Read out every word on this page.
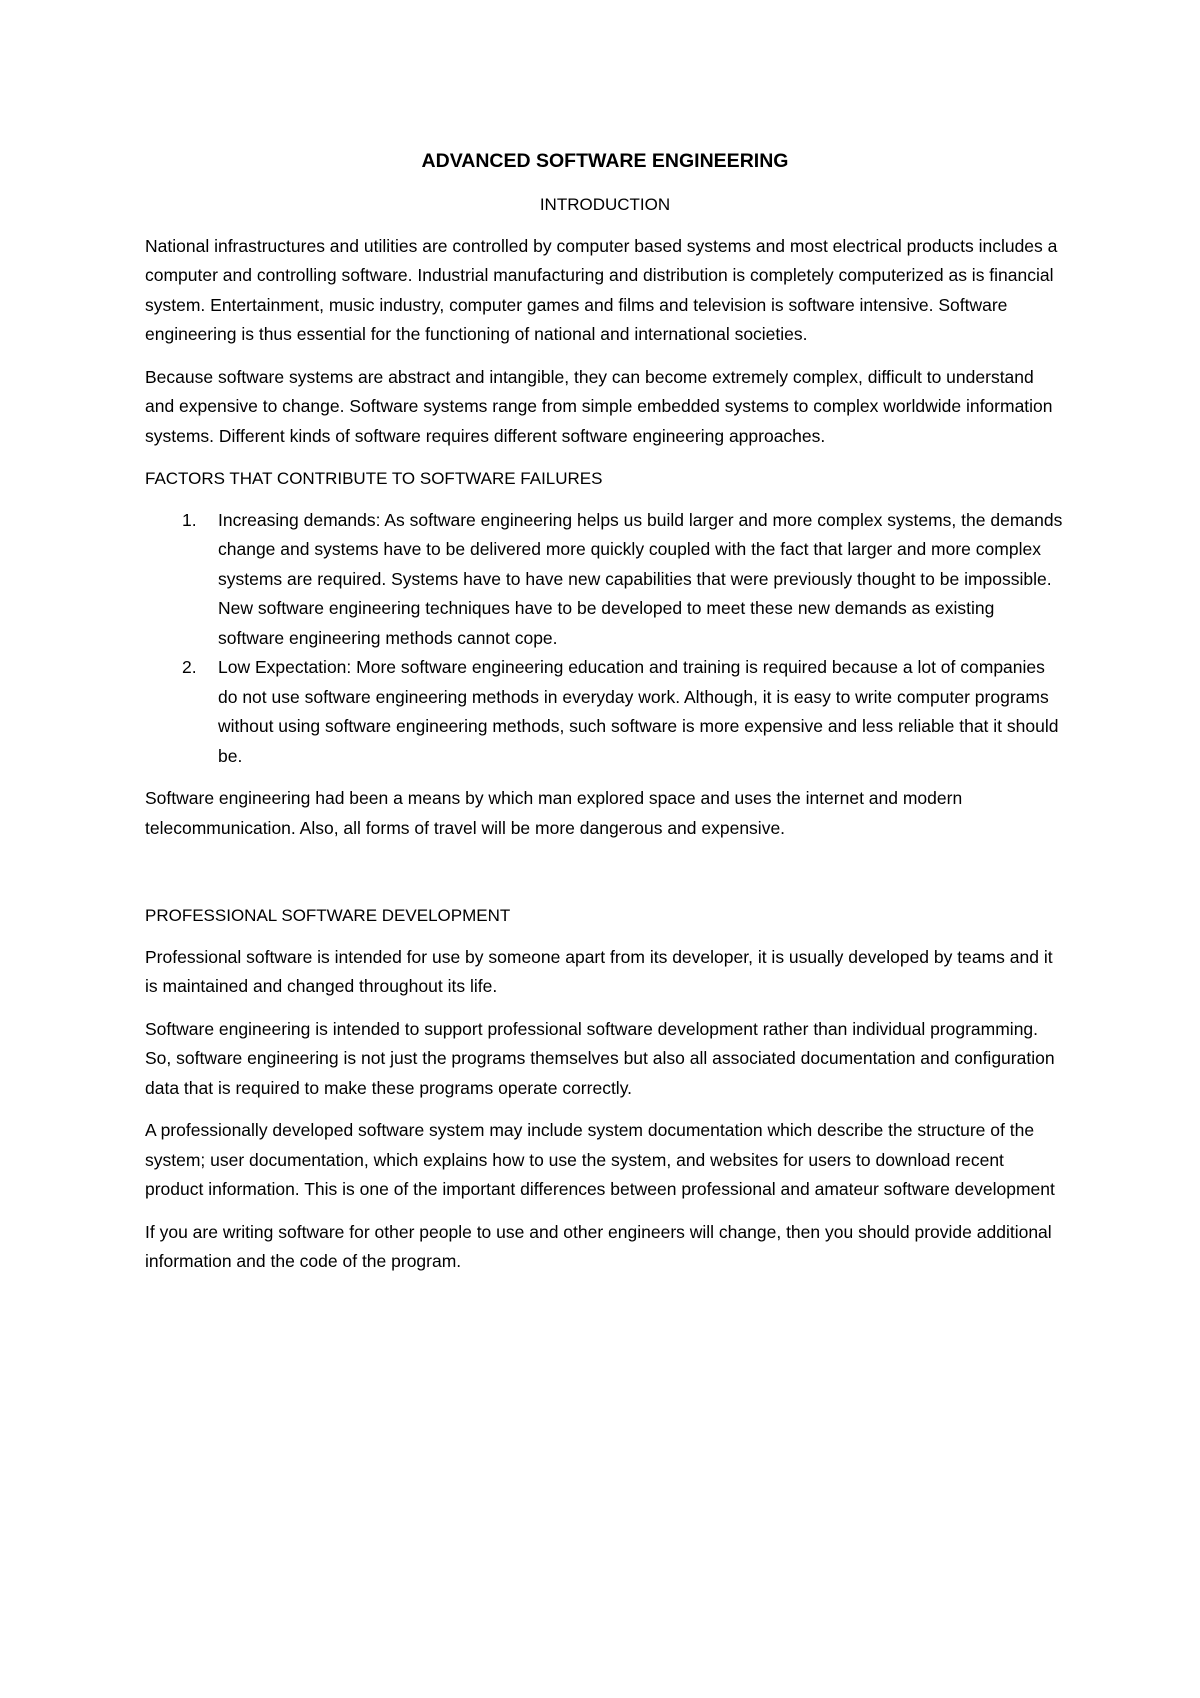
ADVANCED SOFTWARE ENGINEERING
INTRODUCTION

National infrastructures and utilities are controlled by computer based systems and most electrical products includes a computer and controlling software. Industrial manufacturing and distribution is completely computerized as is financial system. Entertainment, music industry, computer games and films and television is software intensive. Software engineering is thus essential for the functioning of national and international societies.

Because software systems are abstract and intangible, they can become extremely complex, difficult to understand and expensive to change. Software systems range from simple embedded systems to complex worldwide information systems. Different kinds of software requires different software engineering approaches.

FACTORS THAT CONTRIBUTE TO SOFTWARE FAILURES
1. Increasing demands: As software engineering helps us build larger and more complex systems, the demands change and systems have to be delivered more quickly coupled with the fact that larger and more complex systems are required. Systems have to have new capabilities that were previously thought to be impossible. New software engineering techniques have to be developed to meet these new demands as existing software engineering methods cannot cope.
2. Low Expectation: More software engineering education and training is required because a lot of companies do not use software engineering methods in everyday work. Although, it is easy to write computer programs without using software engineering methods, such software is more expensive and less reliable that it should be.

Software engineering had been a means by which man explored space and uses the internet and modern telecommunication. Also, all forms of travel will be more dangerous and expensive.

PROFESSIONAL SOFTWARE DEVELOPMENT

Professional software is intended for use by someone apart from its developer, it is usually developed by teams and it is maintained and changed throughout its life.

Software engineering is intended to support professional software development rather than individual programming. So, software engineering is not just the programs themselves but also all associated documentation and configuration data that is required to make these programs operate correctly.

A professionally developed software system may include system documentation which describe the structure of the system; user documentation, which explains how to use the system, and websites for users to download recent product information. This is one of the important differences between professional and amateur software development

If you are writing software for other people to use and other engineers will change, then you should provide additional information and the code of the program.
